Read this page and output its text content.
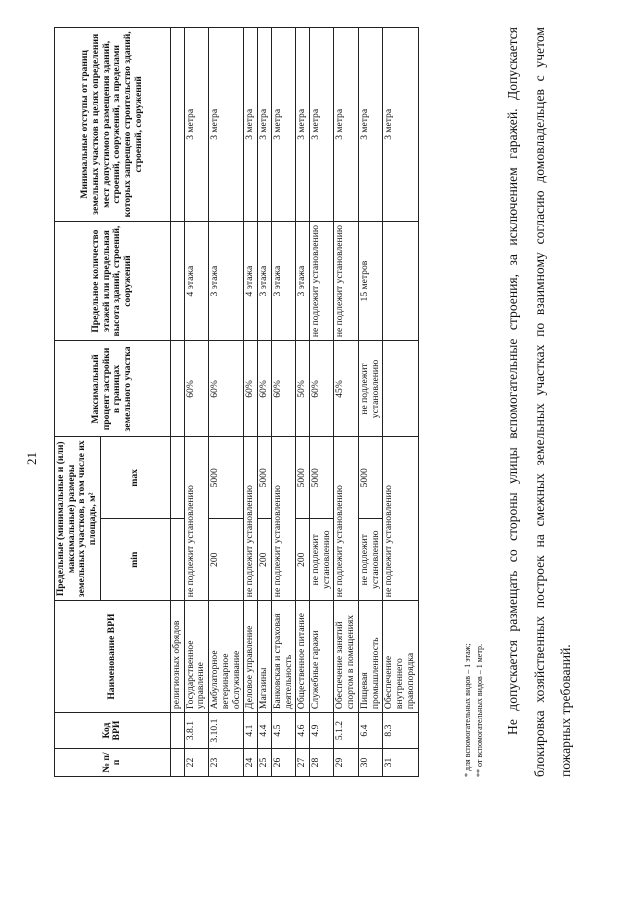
21
№ п/п	Код ВРИ	Наименование ВРИ	Предельные (минимальные и (или) максимальные) размеры земельных участков, в том числе их площадь, м²		Максимальный процент застройки в границах земельного участка	Предельное количество этажей или предельная высота зданий, строений, сооружений	Минимальные отступы от границ земельных участков в целях определения мест допустимого размещения зданий, строений, сооружений, за пределами которых запрещено строительство зданий, строений, сооружений
			min	max			
		религиозных обрядов					
22	3.8.1	Государственное управление	не подлежит установлению		60%	4 этажа	3 метра
23	3.10.1	Амбулаторное ветеринарное обслуживание	200	5000	60%	3 этажа	3 метра
24	4.1	Деловое управление	не подлежит установлению		60%	4 этажа	3 метра
25	4.4	Магазины	200	5000	60%	3 этажа	3 метра
26	4.5	Банковская и страховая деятельность	не подлежит установлению		60%	3 этажа	3 метра
27	4.6	Общественное питание	200	5000	50%	3 этажа	3 метра
28	4.9	Служебные гаражи	не подлежит установлению	5000	60%	не подлежит установлению	3 метра
29	5.1.2	Обеспечение занятий спортом в помещениях	не подлежит установлению		45%	не подлежит установлению	3 метра
30	6.4	Пищевая промышленность	не подлежит установлению	5000	не подлежит установлению	15 метров	3 метра
31	8.3	Обеспечение внутреннего правопорядка	не подлежит установлению				3 метра
* для вспомогательных видов – 1 этаж; ** от вспомогательных видов – 1 метр.	Не допускается размещать со стороны улицы вспомогательные строения, за исключением гаражей. Допускается блокировка хозяйственных построек на смежных земельных участках по взаимному согласию домовладельцев с учетом пожарных требований.
